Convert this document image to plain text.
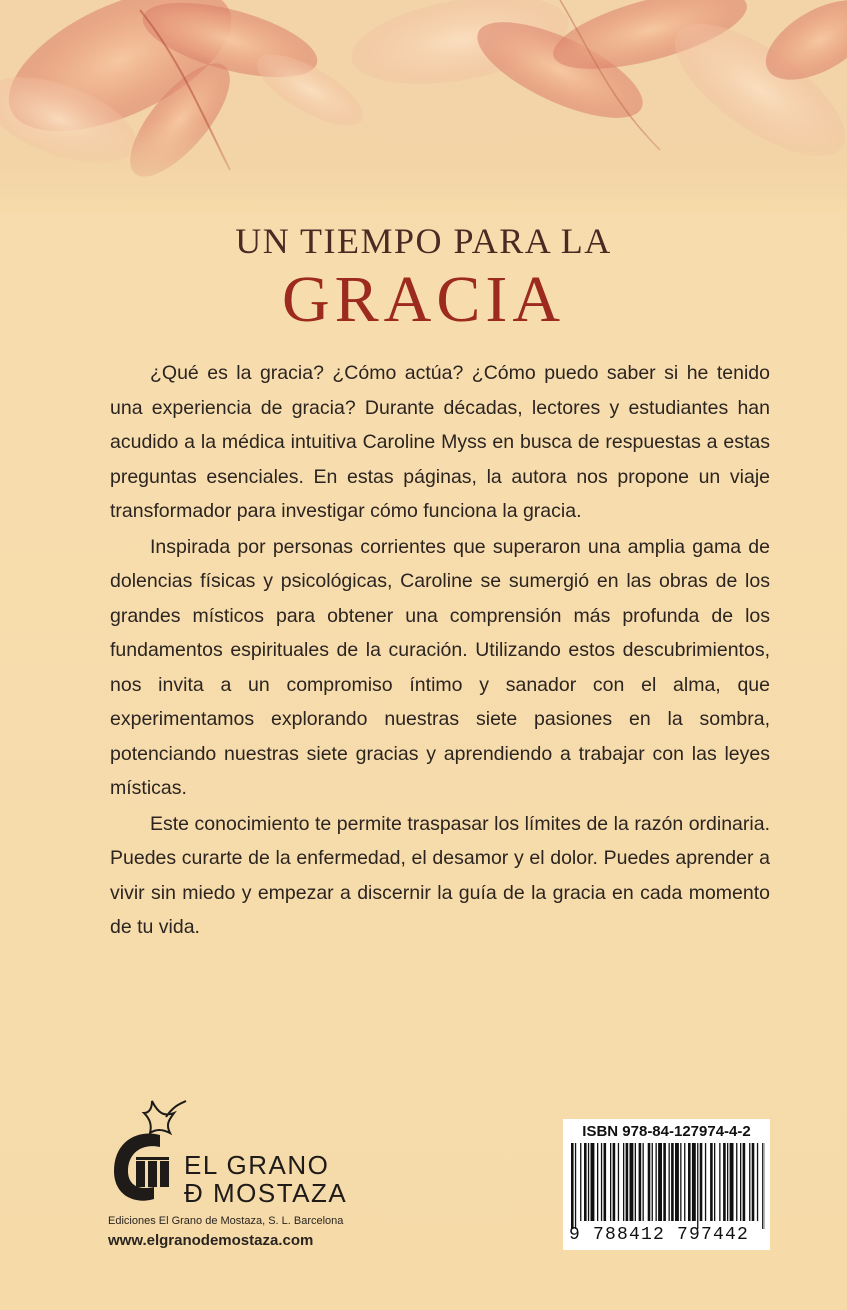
UN TIEMPO PARA LA
GRACIA

¿Qué es la gracia? ¿Cómo actúa? ¿Cómo puedo saber si he tenido una experiencia de gracia? Durante décadas, lectores y estudiantes han acudido a la médica intuitiva Caroline Myss en busca de respuestas a estas preguntas esenciales. En estas páginas, la autora nos propone un viaje transformador para investigar cómo funciona la gracia.

Inspirada por personas corrientes que superaron una amplia gama de dolencias físicas y psicológicas, Caroline se sumergió en las obras de los grandes místicos para obtener una comprensión más profunda de los fundamentos espirituales de la curación. Utilizando estos descubrimientos, nos invita a un compromiso íntimo y sanador con el alma, que experimentamos explorando nuestras siete pasiones en la sombra, potenciando nuestras siete gracias y aprendiendo a trabajar con las leyes místicas.

Este conocimiento te permite traspasar los límites de la razón ordinaria. Puedes curarte de la enfermedad, el desamor y el dolor. Puedes aprender a vivir sin miedo y empezar a discernir la guía de la gracia en cada momento de tu vida.

EL GRANO
Ð MOSTAZA
Ediciones El Grano de Mostaza, S. L. Barcelona
www.elgranodemostaza.com
ISBN 978-84-127974-4-2
9 788412 797442
